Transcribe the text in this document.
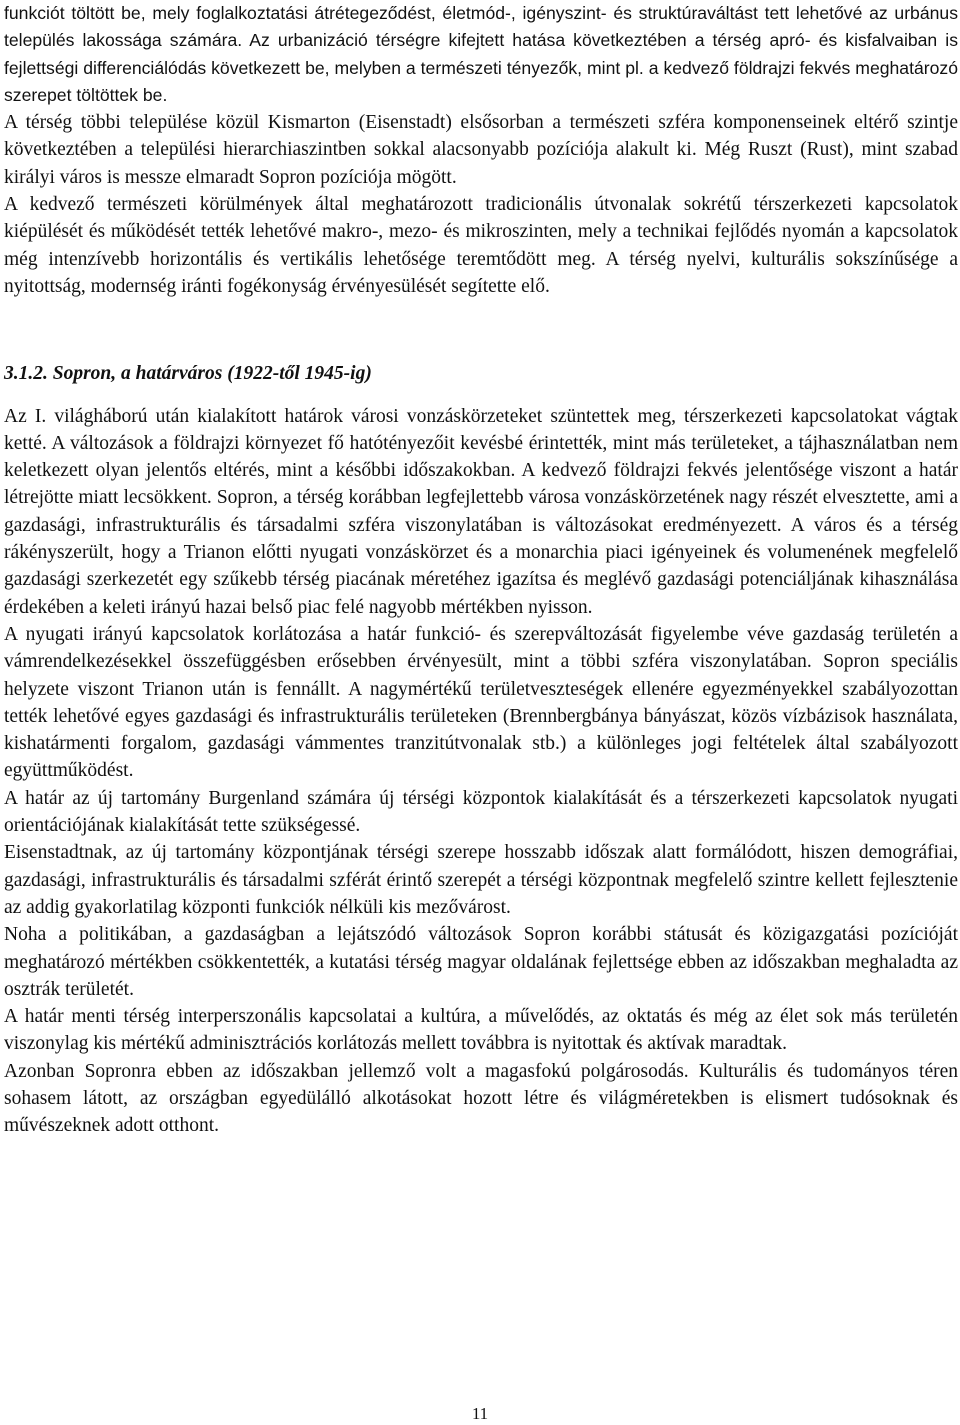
funkciót töltött be, mely foglalkoztatási átrétegeződést, életmód-, igényszint- és struktúraváltást tett lehetővé az urbánus település lakossága számára. Az urbanizáció térségre kifejtett hatása következtében a térség apró- és kisfalvaiban is fejlettségi differenciálódás következett be, melyben a természeti tényezők, mint pl. a kedvező földrajzi fekvés meghatározó szerepet töltöttek be.

A térség többi települése közül Kismarton (Eisenstadt) elsősorban a természeti szféra komponenseinek eltérő szintje következtében a települési hierarchiaszintben sokkal alacsonyabb pozíciója alakult ki. Még Ruszt (Rust), mint szabad királyi város is messze elmaradt Sopron pozíciója mögött.

A kedvező természeti körülmények által meghatározott tradicionális útvonalak sokrétű térszerkezeti kapcsolatok kiépülését és működését tették lehetővé makro-, mezo- és mikroszinten, mely a technikai fejlődés nyomán a kapcsolatok még intenzívebb horizontális és vertikális lehetősége teremtődött meg. A térség nyelvi, kulturális sokszínűsége a nyitottság, modernség iránti fogékonyság érvényesülését segítette elő.

3.1.2. Sopron, a határváros (1922-től 1945-ig)

Az I. világháború után kialakított határok városi vonzáskörzeteket szüntettek meg, térszerkezeti kapcsolatokat vágtak ketté. A változások a földrajzi környezet fő hatótényezőit kevésbé érintették, mint más területeket, a tájhasználatban nem keletkezett olyan jelentős eltérés, mint a későbbi időszakokban. A kedvező földrajzi fekvés jelentősége viszont a határ létrejötte miatt lecsökkent. Sopron, a térség korábban legfejlettebb városa vonzáskörzetének nagy részét elvesztette, ami a gazdasági, infrastrukturális és társadalmi szféra viszonylatában is változásokat eredményezett. A város és a térség rákényszerült, hogy a Trianon előtti nyugati vonzáskörzet és a monarchia piaci igényeinek és volumenének megfelelő gazdasági szerkezetét egy szűkebb térség piacának méretéhez igazítsa és meglévő gazdasági potenciáljának kihasználása érdekében a keleti irányú hazai belső piac felé nagyobb mértékben nyisson.

A nyugati irányú kapcsolatok korlátozása a határ funkció- és szerepváltozását figyelembe véve gazdaság területén a vámrendelkezésekkel összefüggésben erősebben érvényesült, mint a többi szféra viszonylatában. Sopron speciális helyzete viszont Trianon után is fennállt. A nagymértékű területveszteségek ellenére egyezményekkel szabályozottan tették lehetővé egyes gazdasági és infrastrukturális területeken (Brennbergbánya bányászat, közös vízbázisok használata, kishatármenti forgalom, gazdasági vámmentes tranzitútvonalak stb.) a különleges jogi feltételek által szabályozott együttműködést.

A határ az új tartomány Burgenland számára új térségi központok kialakítását és a térszerkezeti kapcsolatok nyugati orientációjának kialakítását tette szükségessé.

Eisenstadtnak, az új tartomány központjának térségi szerepe hosszabb időszak alatt formálódott, hiszen demográfiai, gazdasági, infrastrukturális és társadalmi szférát érintő szerepét a térségi központnak megfelelő szintre kellett fejlesztenie az addig gyakorlatilag központi funkciók nélküli kis mezővárost.

Noha a politikában, a gazdaságban a lejátszódó változások Sopron korábbi státusát és közigazgatási pozícióját meghatározó mértékben csökkentették, a kutatási térség magyar oldalának fejlettsége ebben az időszakban meghaladta az osztrák területét.

A határ menti térség interperszonális kapcsolatai a kultúra, a művelődés, az oktatás és még az élet sok más területén viszonylag kis mértékű adminisztrációs korlátozás mellett továbbra is nyitottak és aktívak maradtak.

Azonban Sopronra ebben az időszakban jellemző volt a magasfokú polgárosodás. Kulturális és tudományos téren sohasem látott, az országban egyedülálló alkotásokat hozott létre és világméretekben is elismert tudósoknak és művészeknek adott otthont.

11
